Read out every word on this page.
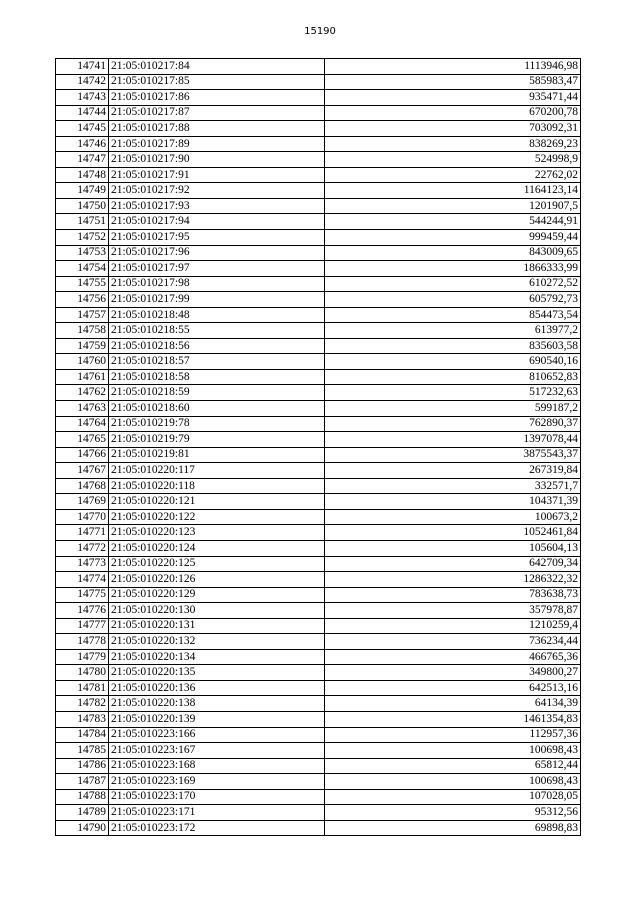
15190
14741	21:05:010217:84	1113946,98
14742	21:05:010217:85	585983,47
14743	21:05:010217:86	935471,44
14744	21:05:010217:87	670200,78
14745	21:05:010217:88	703092,31
14746	21:05:010217:89	838269,23
14747	21:05:010217:90	524998,9
14748	21:05:010217:91	22762,02
14749	21:05:010217:92	1164123,14
14750	21:05:010217:93	1201907,5
14751	21:05:010217:94	544244,91
14752	21:05:010217:95	999459,44
14753	21:05:010217:96	843009,65
14754	21:05:010217:97	1866333,99
14755	21:05:010217:98	610272,52
14756	21:05:010217:99	605792,73
14757	21:05:010218:48	854473,54
14758	21:05:010218:55	613977,2
14759	21:05:010218:56	835603,58
14760	21:05:010218:57	690540,16
14761	21:05:010218:58	810652,83
14762	21:05:010218:59	517232,63
14763	21:05:010218:60	599187,2
14764	21:05:010219:78	762890,37
14765	21:05:010219:79	1397078,44
14766	21:05:010219:81	3875543,37
14767	21:05:010220:117	267319,84
14768	21:05:010220:118	332571,7
14769	21:05:010220:121	104371,39
14770	21:05:010220:122	100673,2
14771	21:05:010220:123	1052461,84
14772	21:05:010220:124	105604,13
14773	21:05:010220:125	642709,34
14774	21:05:010220:126	1286322,32
14775	21:05:010220:129	783638,73
14776	21:05:010220:130	357978,87
14777	21:05:010220:131	1210259,4
14778	21:05:010220:132	736234,44
14779	21:05:010220:134	466765,36
14780	21:05:010220:135	349800,27
14781	21:05:010220:136	642513,16
14782	21:05:010220:138	64134,39
14783	21:05:010220:139	1461354,83
14784	21:05:010223:166	112957,36
14785	21:05:010223:167	100698,43
14786	21:05:010223:168	65812,44
14787	21:05:010223:169	100698,43
14788	21:05:010223:170	107028,05
14789	21:05:010223:171	95312,56
14790	21:05:010223:172	69898,83
